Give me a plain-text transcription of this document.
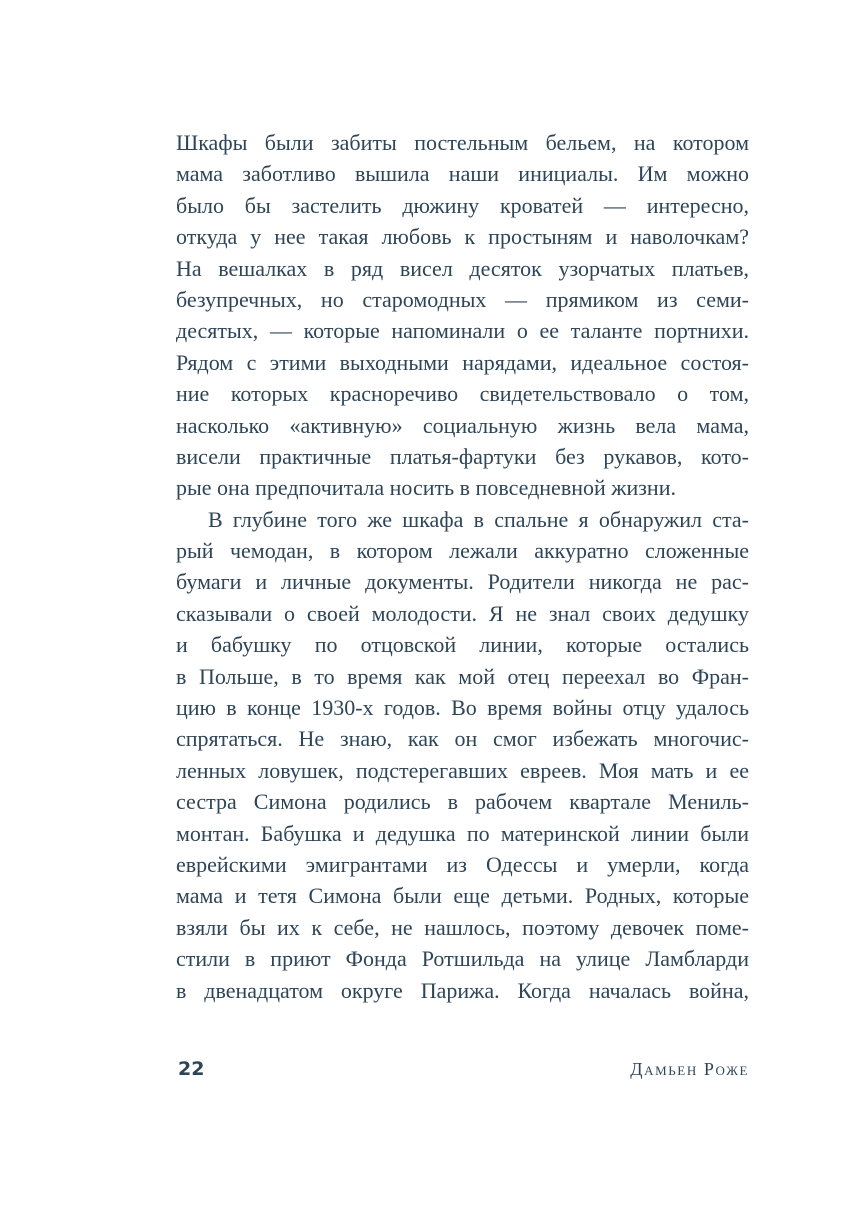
Шкафы были забиты постельным бельем, на котором
мама заботливо вышила наши инициалы. Им можно
было бы застелить дюжину кроватей — интересно,
откуда у нее такая любовь к простыням и наволочкам?
На вешалках в ряд висел десяток узорчатых платьев,
безупречных, но старомодных — прямиком из семи-
десятых, — которые напоминали о ее таланте портнихи.
Рядом с этими выходными нарядами, идеальное состоя-
ние которых красноречиво свидетельствовало о том,
насколько «активную» социальную жизнь вела мама,
висели практичные платья-фартуки без рукавов, кото-
рые она предпочитала носить в повседневной жизни.
В глубине того же шкафа в спальне я обнаружил ста-
рый чемодан, в котором лежали аккуратно сложенные
бумаги и личные документы. Родители никогда не рас-
сказывали о своей молодости. Я не знал своих дедушку
и бабушку по отцовской линии, которые остались
в Польше, в то время как мой отец переехал во Фран-
цию в конце 1930-х годов. Во время войны отцу удалось
спрятаться. Не знаю, как он смог избежать многочис-
ленных ловушек, подстерегавших евреев. Моя мать и ее
сестра Симона родились в рабочем квартале Мениль-
монтан. Бабушка и дедушка по материнской линии были
еврейскими эмигрантами из Одессы и умерли, когда
мама и тетя Симона были еще детьми. Родных, которые
взяли бы их к себе, не нашлось, поэтому девочек поме-
стили в приют Фонда Ротшильда на улице Ламбларди
в двенадцатом округе Парижа. Когда началась война,
22	Дамьен Роже
